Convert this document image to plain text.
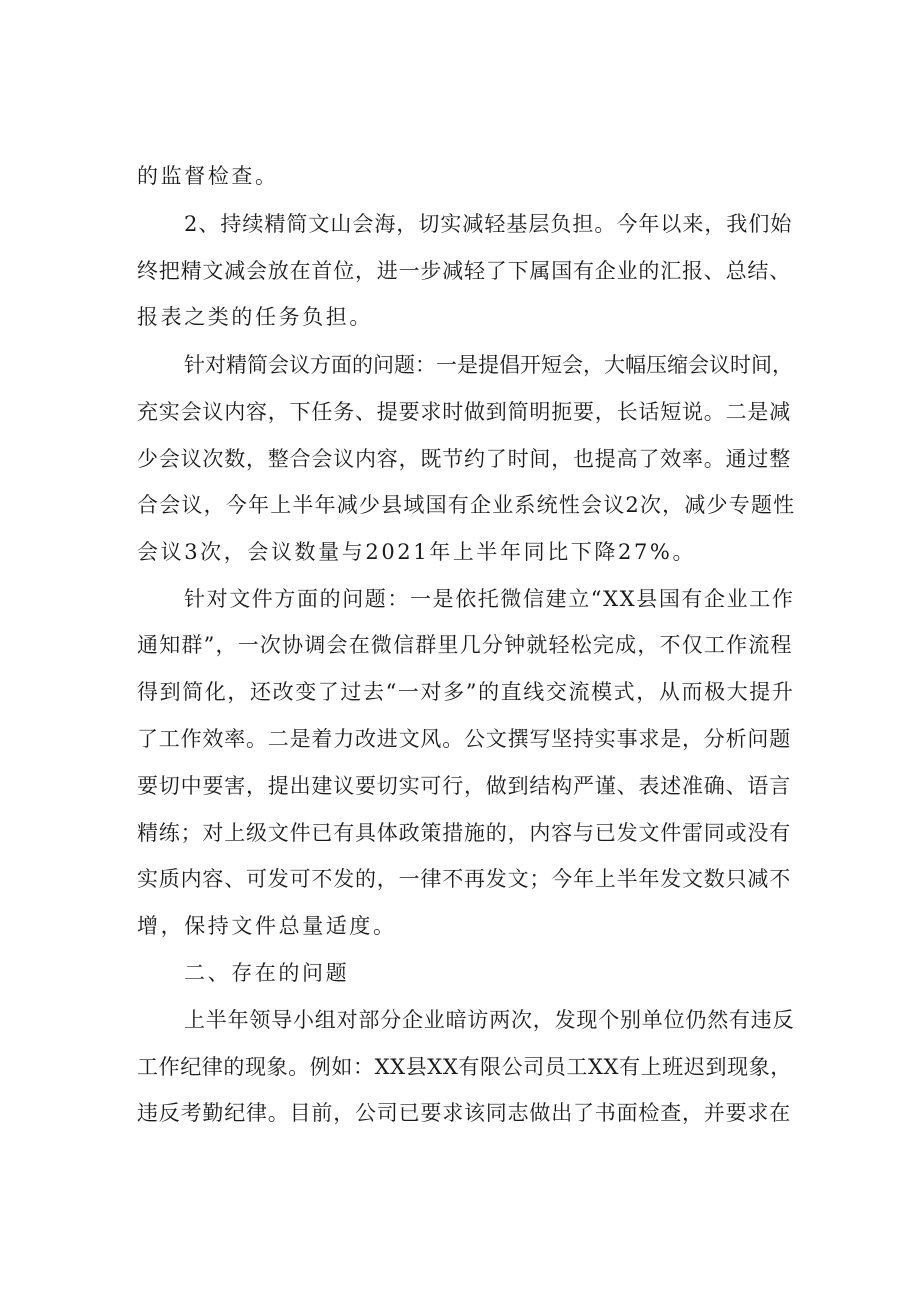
的监督检查。
2、持续精简文山会海，切实减轻基层负担。今年以来，我们始
终把精文减会放在首位，进一步减轻了下属国有企业的汇报、总结、
报表之类的任务负担。
针对精简会议方面的问题：一是提倡开短会，大幅压缩会议时间，
充实会议内容，下任务、提要求时做到简明扼要，长话短说。二是减
少会议次数，整合会议内容，既节约了时间，也提高了效率。通过整
合会议，今年上半年减少县域国有企业系统性会议2次，减少专题性
会议3次，会议数量与2021年上半年同比下降27%。
针对文件方面的问题：一是依托微信建立“XX县国有企业工作
通知群”，一次协调会在微信群里几分钟就轻松完成，不仅工作流程
得到简化，还改变了过去“一对多”的直线交流模式，从而极大提升
了工作效率。二是着力改进文风。公文撰写坚持实事求是，分析问题
要切中要害，提出建议要切实可行，做到结构严谨、表述准确、语言
精练；对上级文件已有具体政策措施的，内容与已发文件雷同或没有
实质内容、可发可不发的，一律不再发文；今年上半年发文数只减不
增，保持文件总量适度。
二、存在的问题
上半年领导小组对部分企业暗访两次，发现个别单位仍然有违反
工作纪律的现象。例如：XX县XX有限公司员工XX有上班迟到现象，
违反考勤纪律。目前，公司已要求该同志做出了书面检查，并要求在
